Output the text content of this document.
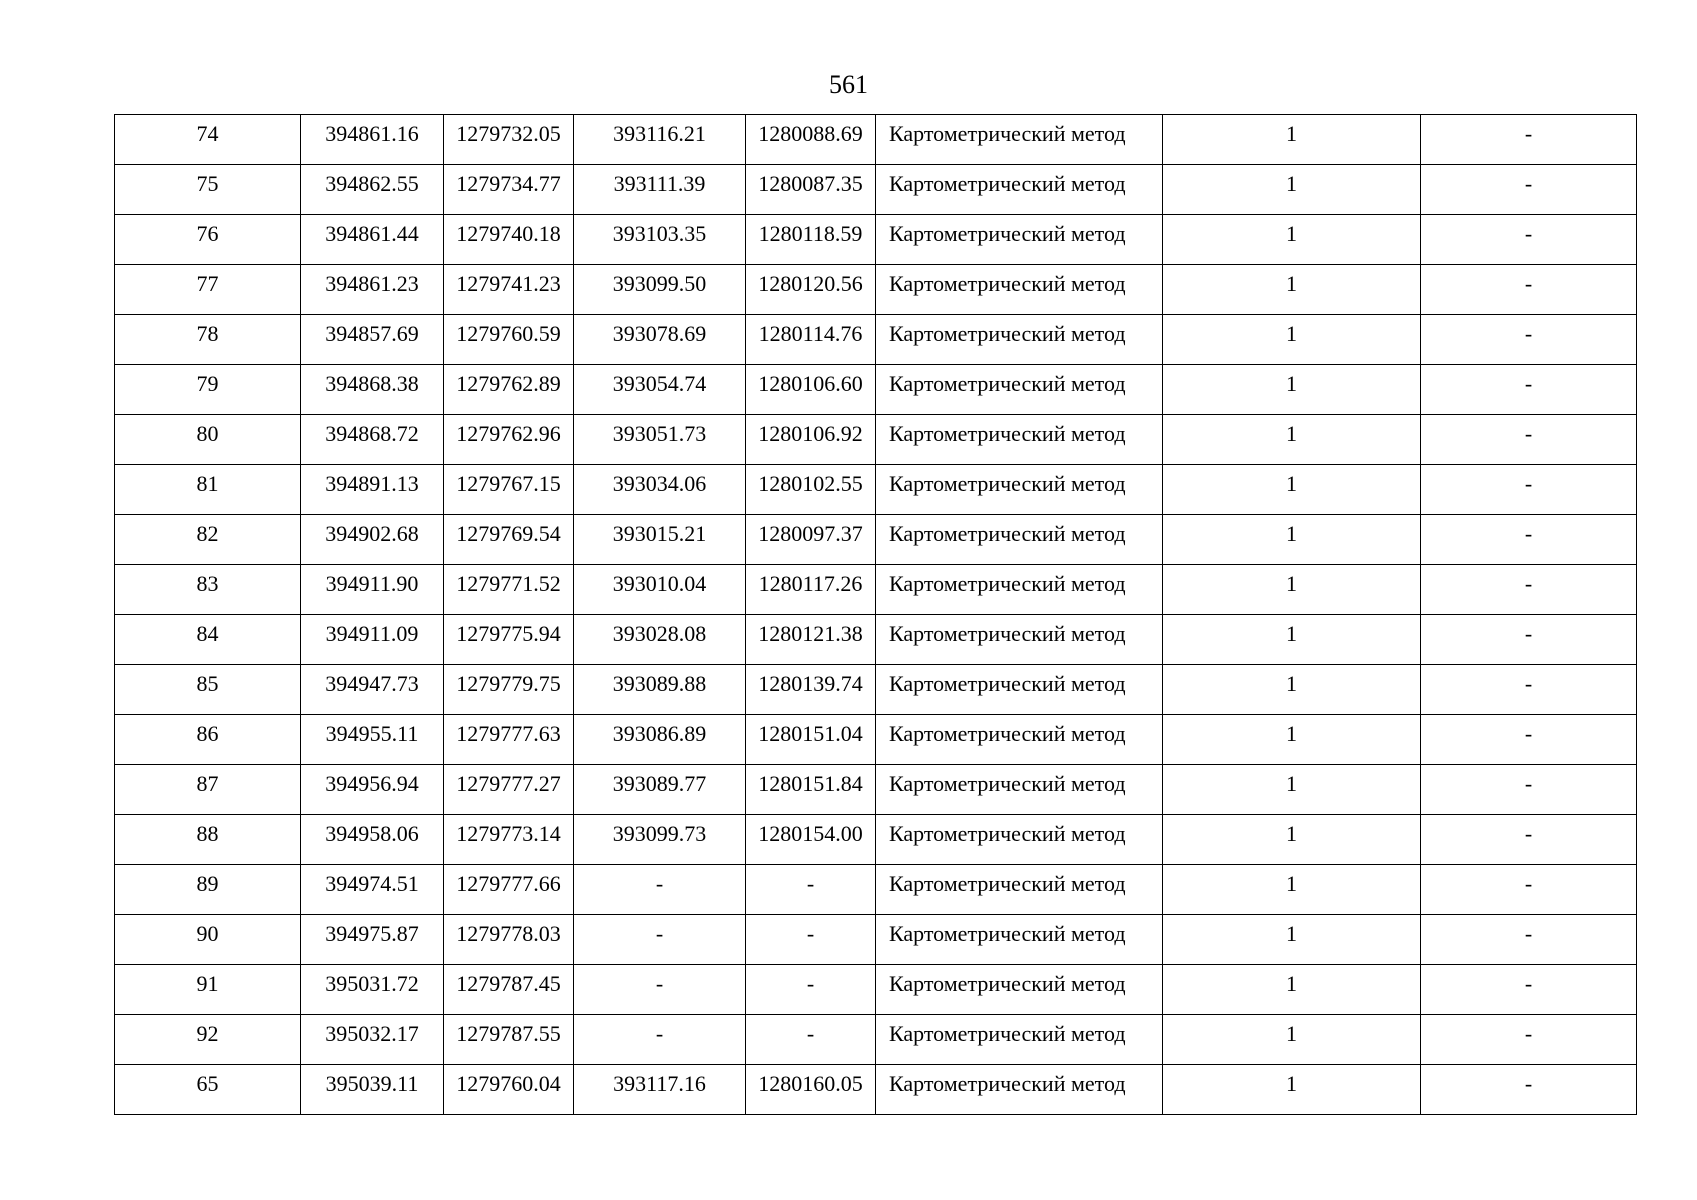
561
74	394861.16	1279732.05	393116.21	1280088.69	Картометрический метод	1	-
75	394862.55	1279734.77	393111.39	1280087.35	Картометрический метод	1	-
76	394861.44	1279740.18	393103.35	1280118.59	Картометрический метод	1	-
77	394861.23	1279741.23	393099.50	1280120.56	Картометрический метод	1	-
78	394857.69	1279760.59	393078.69	1280114.76	Картометрический метод	1	-
79	394868.38	1279762.89	393054.74	1280106.60	Картометрический метод	1	-
80	394868.72	1279762.96	393051.73	1280106.92	Картометрический метод	1	-
81	394891.13	1279767.15	393034.06	1280102.55	Картометрический метод	1	-
82	394902.68	1279769.54	393015.21	1280097.37	Картометрический метод	1	-
83	394911.90	1279771.52	393010.04	1280117.26	Картометрический метод	1	-
84	394911.09	1279775.94	393028.08	1280121.38	Картометрический метод	1	-
85	394947.73	1279779.75	393089.88	1280139.74	Картометрический метод	1	-
86	394955.11	1279777.63	393086.89	1280151.04	Картометрический метод	1	-
87	394956.94	1279777.27	393089.77	1280151.84	Картометрический метод	1	-
88	394958.06	1279773.14	393099.73	1280154.00	Картометрический метод	1	-
89	394974.51	1279777.66	-	-	Картометрический метод	1	-
90	394975.87	1279778.03	-	-	Картометрический метод	1	-
91	395031.72	1279787.45	-	-	Картометрический метод	1	-
92	395032.17	1279787.55	-	-	Картометрический метод	1	-
65	395039.11	1279760.04	393117.16	1280160.05	Картометрический метод	1	-
